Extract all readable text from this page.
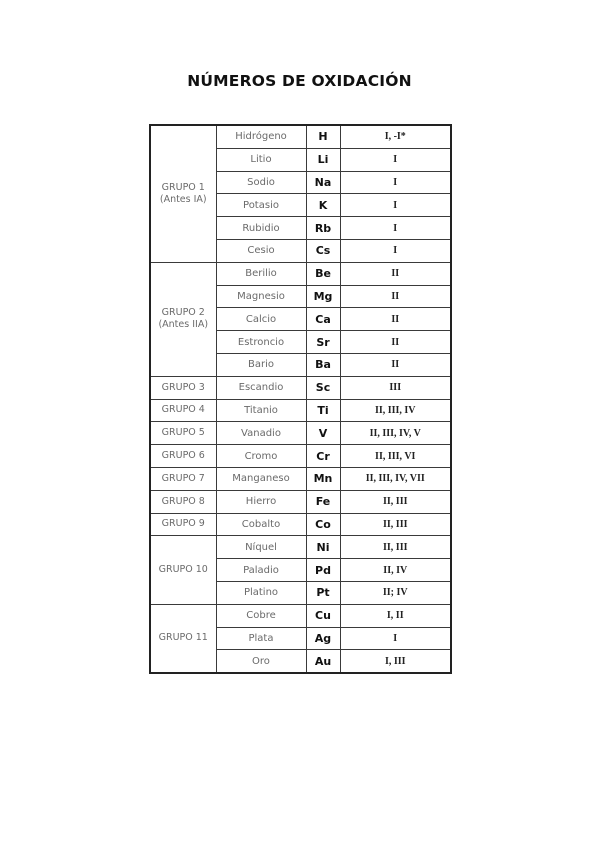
NÚMEROS DE OXIDACIÓN
GRUPO 1
(Antes IA)	Hidrógeno	H	I, -I*
	Litio	Li	I
	Sodio	Na	I
	Potasio	K	I
	Rubidio	Rb	I
	Cesio	Cs	I

GRUPO 2
(Antes IIA)	Berilio	Be	II
	Magnesio	Mg	II
	Calcio	Ca	II
	Estroncio	Sr	II
	Bario	Ba	II
GRUPO 3	Escandio	Sc	III
GRUPO 4	Titanio	Ti	II, III, IV
GRUPO 5	Vanadio	V	II, III, IV, V
GRUPO 6	Cromo	Cr	II, III, VI
GRUPO 7	Manganeso	Mn	II, III, IV, VII
GRUPO 8	Hierro	Fe	II, III
GRUPO 9	Cobalto	Co	II, III
GRUPO 10	Níquel	Ni	II, III
	Paladio	Pd	II, IV
	Platino	Pt	II; IV
GRUPO 11	Cobre	Cu	I, II
	Plata	Ag	I
	Oro	Au	I, III
